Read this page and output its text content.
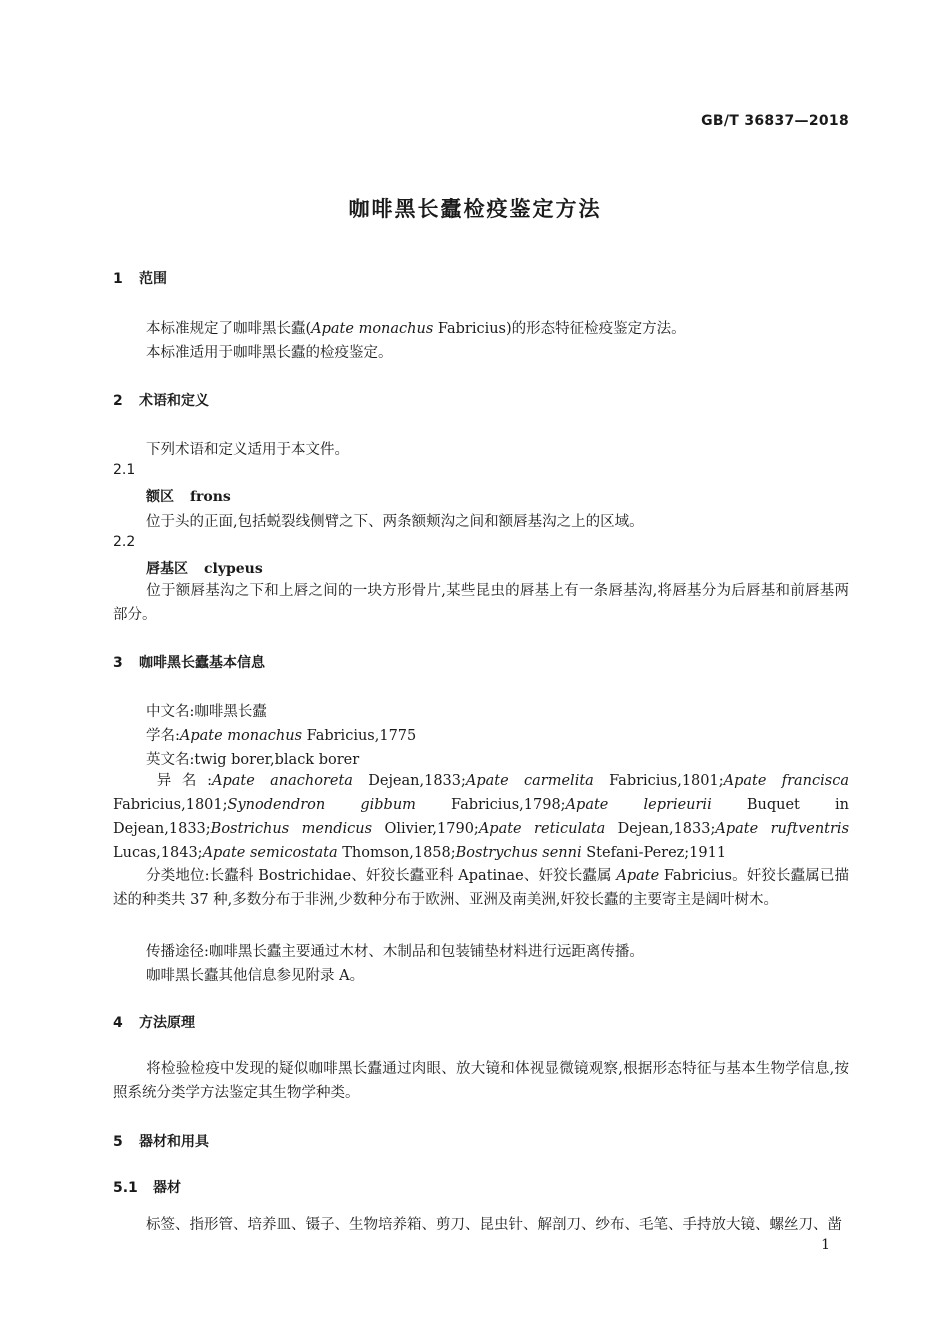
GB/T 36837—2018
咖啡黑长蠹检疫鉴定方法
1 范围
本标准规定了咖啡黑长蠹(Apate monachus Fabricius)的形态特征检疫鉴定方法。
本标准适用于咖啡黑长蠹的检疫鉴定。
2 术语和定义
下列术语和定义适用于本文件。
2.1
额区 frons
位于头的正面,包括蜕裂线侧臂之下、两条额颊沟之间和额唇基沟之上的区域。
2.2
唇基区 clypeus
位于额唇基沟之下和上唇之间的一块方形骨片,某些昆虫的唇基上有一条唇基沟,将唇基分为后唇基和前唇基两部分。
3 咖啡黑长蠹基本信息
中文名:咖啡黑长蠹
学名:Apate monachus Fabricius,1775
英文名:twig borer,black borer
异名:Apate anachoreta Dejean,1833;Apate carmelita Fabricius,1801;Apate francisca Fabricius,1801;Synodendron gibbum Fabricius,1798;Apate leprieurii Buquet in Dejean,1833;Bostrichus mendicus Olivier,1790;Apate reticulata Dejean,1833;Apate ruftventris Lucas,1843;Apate semicostata Thomson,1858;Bostrychus senni Stefani-Perez;1911
分类地位:长蠹科 Bostrichidae、奸狡长蠹亚科 Apatinae、奸狡长蠹属 Apate Fabricius。奸狡长蠹属已描述的种类共 37 种,多数分布于非洲,少数种分布于欧洲、亚洲及南美洲,奸狡长蠹的主要寄主是阔叶树木。
传播途径:咖啡黑长蠹主要通过木材、木制品和包装铺垫材料进行远距离传播。
咖啡黑长蠹其他信息参见附录 A。
4 方法原理
将检验检疫中发现的疑似咖啡黑长蠹通过肉眼、放大镜和体视显微镜观察,根据形态特征与基本生物学信息,按照系统分类学方法鉴定其生物学种类。
5 器材和用具
5.1 器材
标签、指形管、培养皿、镊子、生物培养箱、剪刀、昆虫针、解剖刀、纱布、毛笔、手持放大镜、螺丝刀、凿
1
